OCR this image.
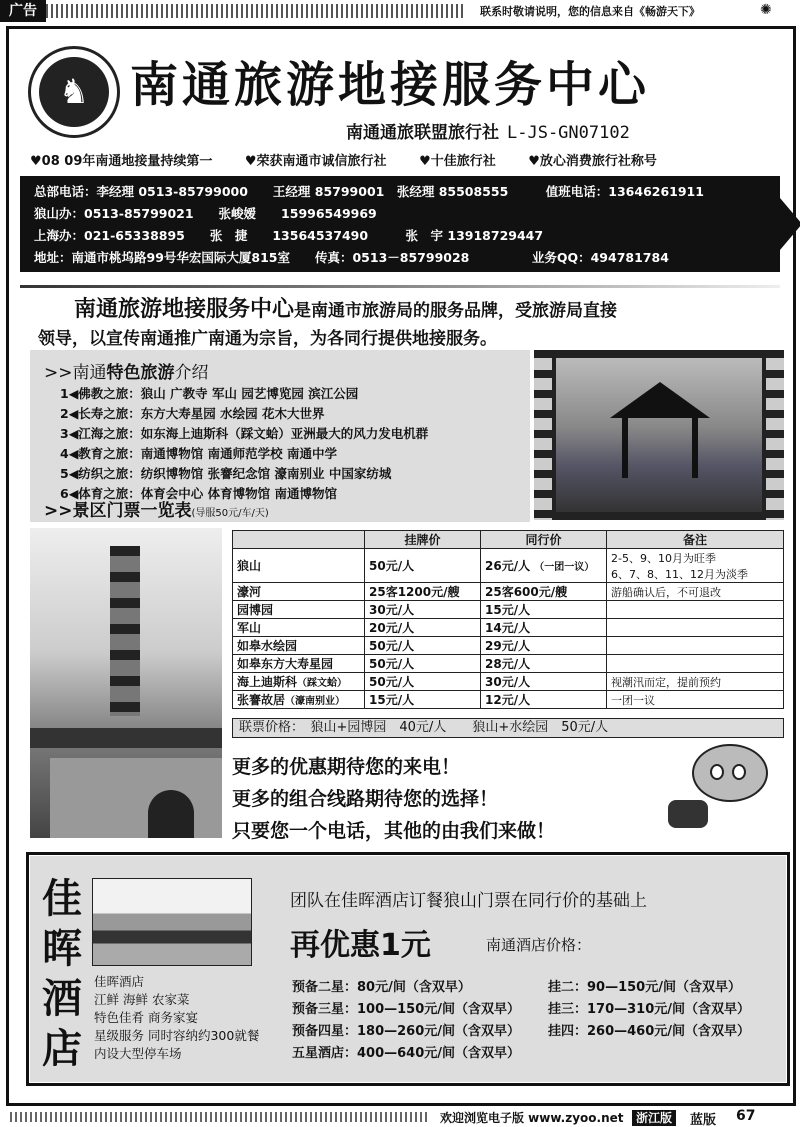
广告	联系时敬请说明，您的信息来自《畅游天下》	✺
♞ 南通旅游地接服务中心
南通通旅联盟旅行社 L-JS-GN07102
♥08 09年南通地接量持续第一	♥荣获南通市诚信旅行社	♥十佳旅行社	♥放心消费旅行社称号
总部电话：李经理 0513-85799000　　王经理 85799001　张经理 85508555　　　值班电话：13646261911
狼山办：0513-85799021　　张峻嫒　　15996549969
上海办：021-65338895　　张　捷　　13564537490　　　张　宇 13918729447
地址：南通市桃坞路99号华宏国际大厦815室　　传真：0513－85799028　　　　　业务QQ：494781784
南通旅游地接服务中心是南通市旅游局的服务品牌，受旅游局直接
领导，以宣传南通推广南通为宗旨，为各同行提供地接服务。
>>南通特色旅游介绍
1◀佛教之旅：狼山 广教寺 军山 园艺博览园 滨江公园
2◀长寿之旅：东方大寿星园 水绘园 花木大世界
3◀江海之旅：如东海上迪斯科（踩文蛤）亚洲最大的风力发电机群
4◀教育之旅：南通博物馆 南通师范学校 南通中学
5◀纺织之旅：纺织博物馆 张謇纪念馆 濠南别业 中国家纺城
6◀体育之旅：体育会中心 体育博物馆 南通博物馆
>>景区门票一览表(导服50元/车/天)
	挂牌价	同行价	备注
狼山	50元/人	26元/人 （一团一议）	2-5、9、10月为旺季
6、7、8、11、12月为淡季

濠河	25客1200元/艘	25客600元/艘	游船确认后，不可退改
园博园	30元/人	15元/人	
军山	20元/人	14元/人	
如皋水绘园	50元/人	29元/人	
如皋东方大寿星园	50元/人	28元/人	
海上迪斯科（踩文蛤）	50元/人	30元/人	视潮汛而定，提前预约
张謇故居（濠南别业）	15元/人	12元/人	一团一议
联票价格：　狼山+园博园　40元/人　　狼山+水绘园　50元/人
更多的优惠期待您的来电！
更多的组合线路期待您的选择！
只要您一个电话，其他的由我们来做！
佳
晖
酒
店
佳晖酒店
江鲜 海鲜 农家菜
特色佳肴 商务家宴
星级服务 同时容纳约300就餐
内设大型停车场
团队在佳晖酒店订餐狼山门票在同行价的基础上
再优惠1元	南通酒店价格：
预备二星：80元/间（含双早）
预备三星：100—150元/间（含双早）
预备四星：180—260元/间（含双早）
五星酒店：400—640元/间（含双早）
挂二：90—150元/间（含双早）
挂三：170—310元/间（含双早）
挂四：260—460元/间（含双早）
欢迎浏览电子版 www.zyoo.net	浙江版	蓝版 67
